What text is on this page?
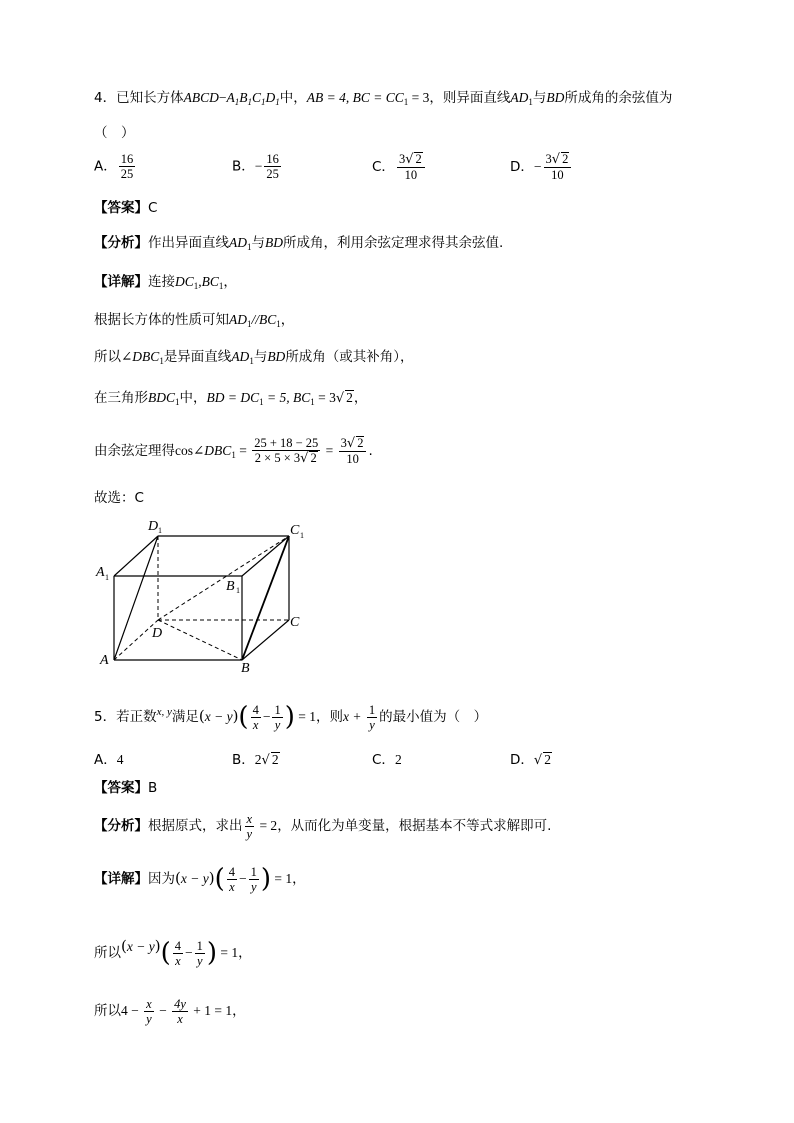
4．已知长方体$ABCD-A_1B_1C_1D_1$中，AB = 4, BC = $CC_1 = 3$，则异面直线$AD_1$与BD所成角的余弦值为
（　）
A． $\frac{16}{25}$	B．− $\frac{16}{25}$	C． $\frac{3√ 2}{10}$	D．− $\frac{3√ 2}{10}$
【答案】C
【分析】作出异面直线$AD_1$与BD所成角，利用余弦定理求得其余弦值.
【详解】连接$DC_1,BC_1$，
根据长方体的性质可知$AD_1//BC_1$，
所以$\angle DBC_1$是异面直线$AD_1$与BD所成角（或其补角），
在三角形$BDC_1$中，BD = $DC_1 = 5$, $BC_1 = 3√$ 2，
由余弦定理得$\cos\angle DBC_1 = \frac{25 + 18 - 25}{2 \times 5 \times 3√ 2} = \frac{3√ 2}{10}$ .
故选：C
D 1	C 1
A 1
B 1
D
C
A
B
5．若正数$^{x, y}$满足$(x - y)( \frac{4}{x} - \frac{1}{y}$ ) = 1，则$x + \frac{1}{y}$ 的最小值为（　）
A．4	B．2√ 2	C．2	D．√ 2
【答案】B
【分析】根据原式，求出 $\frac{x}{y} = 2$，从而化为单变量，根据基本不等式求解即可.
【详解】因为$(x - y)( \frac{4}{x} - \frac{1}{y}$ ) = 1，
所以$(x - y)( \frac{4}{x} - \frac{1}{y}$ ) = 1，
所以$4 - \frac{x}{y} - \frac{4y}{x} + 1 = 1$，
